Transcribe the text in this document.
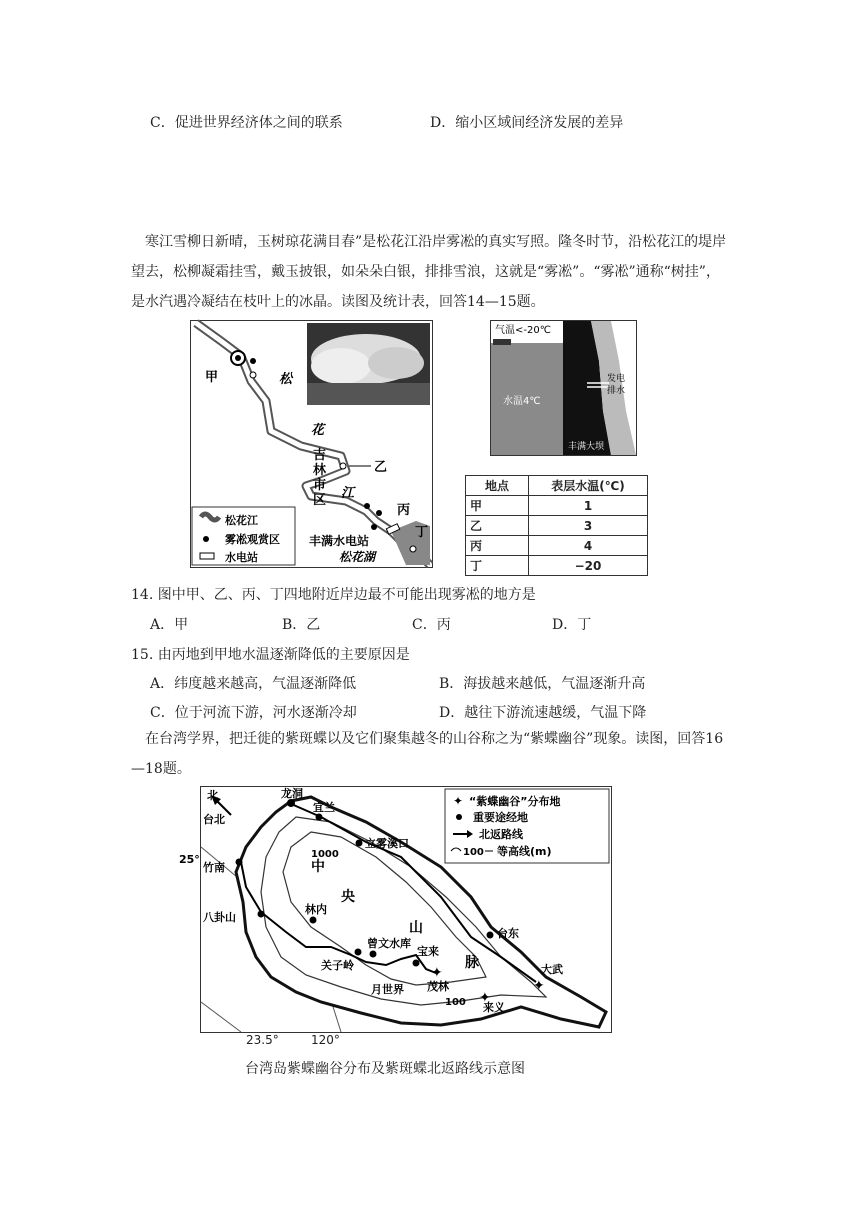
C．促进世界经济体之间的联系	D．缩小区域间经济发展的差异
寒江雪柳日新晴，玉树琼花满目春”是松花江沿岸雾凇的真实写照。隆冬时节，沿松花江的堤岸望去，松柳凝霜挂雪，戴玉披银，如朵朵白银，排排雪浪，这就是“雾凇”。“雾凇”通称“树挂”，是水汽遇冷凝结在枝叶上的冰晶。读图及统计表，回答14—15题。
甲	松
花
江
吉
林
市
区
乙
丙
丁
丰满水电站
松花湖
松花江
雾凇观赏区
水电站
气温<-20℃
水温4℃
发电
排水
丰满大坝
地点	表层水温(℃)
甲	1
乙	3
丙	4
丁	−20
14. 图中甲、乙、丙、丁四地附近岸边最不可能出现雾凇的地方是
A．甲	B．乙	C．丙	D．丁
15. 由丙地到甲地水温逐渐降低的主要原因是
A．纬度越来越高，气温逐渐降低	B．海拔越来越低，气温逐渐升高
C．位于河流下游，河水逐渐冷却	D．越往下游流速越缓，气温下降
在台湾学界，把迁徙的紫斑蝶以及它们聚集越冬的山谷称之为“紫蝶幽谷”现象。读图，回答16—18题。
✦
✦
✦
北	龙洞
宜兰
台北
立雾溪口
25°
竹南
1000
中
央
山
脉
八卦山
林内
曾文水库
关子岭
宝来
茂林
月世界
台东
大武
100 来义
✦ “紫蝶幽谷”分布地
重要途经地
北返路线
100 等高线(m)
23.5°	120°
台湾岛紫蝶幽谷分布及紫斑蝶北返路线示意图
